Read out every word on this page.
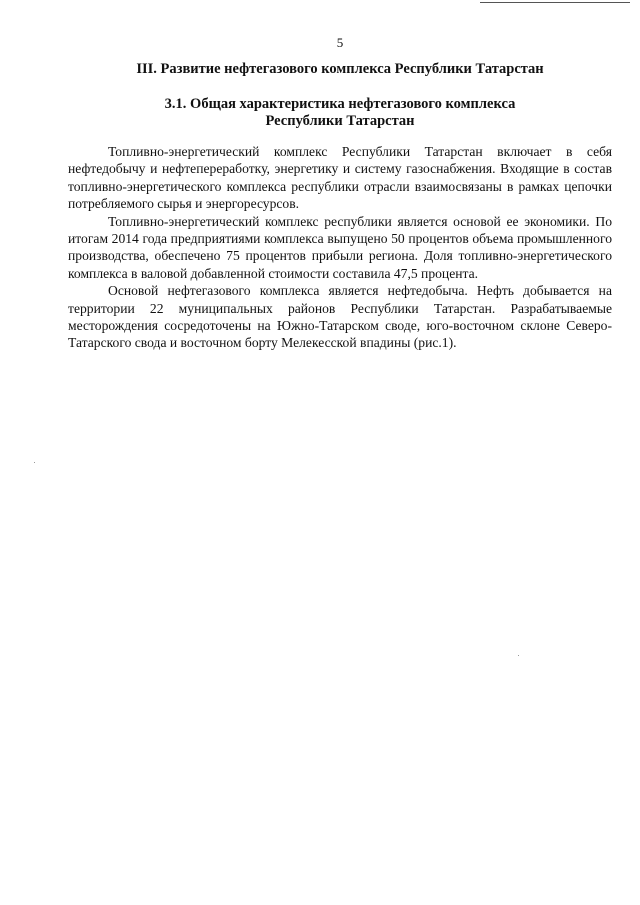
5
III. Развитие нефтегазового комплекса Республики Татарстан
3.1. Общая характеристика нефтегазового комплекса
Республики Татарстан

Топливно-энергетический комплекс Республики Татарстан включает в себя нефтедобычу и нефтепереработку, энергетику и систему газоснабжения. Входящие в состав топливно-энергетического комплекса республики отрасли взаимосвязаны в рамках цепочки потребляемого сырья и энергоресурсов.

Топливно-энергетический комплекс республики является основой ее экономики. По итогам 2014 года предприятиями комплекса выпущено 50 процентов объема промышленного производства, обеспечено 75 процентов прибыли региона. Доля топливно-энергетического комплекса в валовой добавленной стоимости составила 47,5 процента.

Основой нефтегазового комплекса является нефтедобыча. Нефть добывается на территории 22 муниципальных районов Республики Татарстан. Разрабатываемые месторождения сосредоточены на Южно-Татарском своде, юго-восточном склоне Северо-Татарского свода и восточном борту Мелекесской впадины (рис.1).
